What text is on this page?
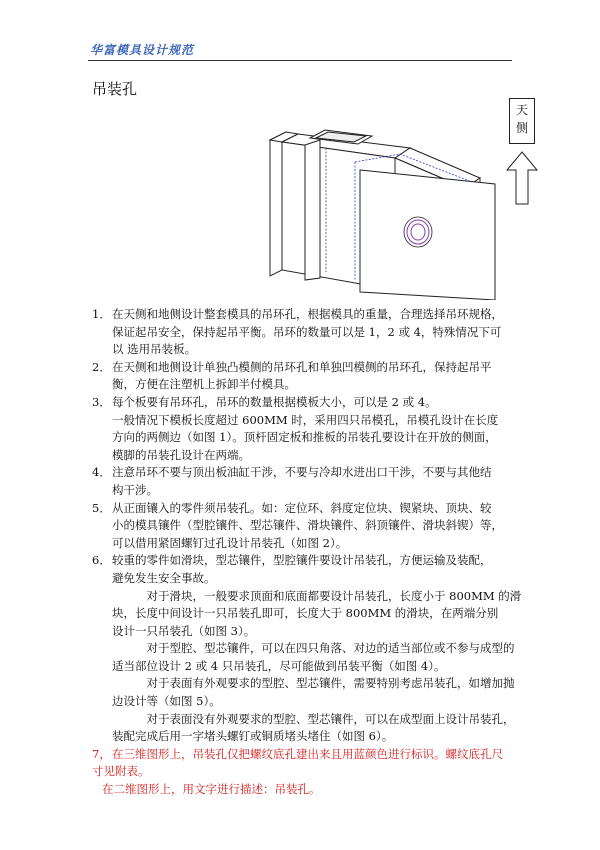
华富模具设计规范
吊装孔
天
侧
1． 在天侧和地侧设计整套模具的吊环孔，根据模具的重量，合理选择吊环规格，
保证起吊安全，保持起吊平衡。吊环的数量可以是 1，2 或 4，特殊情况下可
以 选用吊装板。
2． 在天侧和地侧设计单独凸模侧的吊环孔和单独凹模侧的吊环孔，保持起吊平
衡，方便在注塑机上拆卸半付模具。
3． 每个板要有吊环孔，吊环的数量根据模板大小，可以是 2 或 4。
一般情况下模板长度超过 600MM 时，采用四只吊模孔，吊模孔设计在长度
方向的两侧边（如图 1）。顶杆固定板和推板的吊装孔要设计在开放的侧面，
模脚的吊装孔设计在两端。
4． 注意吊环不要与顶出板油缸干涉，不要与冷却水进出口干涉，不要与其他结
构干涉。
5． 从正面镶入的零件须吊装孔。如：定位环、斜度定位块、锲紧块、顶块、较
小的模具镶件（型腔镶件、型芯镶件、滑块镶件、斜顶镶件、滑块斜锲）等，
可以借用紧固螺钉过孔设计吊装孔（如图 2）。
6． 较重的零件如滑块，型芯镶件，型腔镶件要设计吊装孔，方便运输及装配，
避免发生安全事故。
对于滑块，一般要求顶面和底面都要设计吊装孔，长度小于 800MM 的滑
块，长度中间设计一只吊装孔即可，长度大于 800MM 的滑块，在两端分别
设计一只吊装孔（如图 3）。
对于型腔、型芯镶件，可以在四只角落、对边的适当部位或不参与成型的
适当部位设计 2 或 4 只吊装孔，尽可能做到吊装平衡（如图 4）。
对于表面有外观要求的型腔、型芯镶件，需要特别考虑吊装孔，如增加抛
边设计等（如图 5）。
对于表面没有外观要求的型腔、型芯镶件，可以在成型面上设计吊装孔，
装配完成后用一字堵头螺钉或铜质堵头堵住（如图 6）。
7， 在三维图形上，吊装孔仅把螺纹底孔建出来且用蓝颜色进行标识。螺纹底孔尺
寸见附表。
在二维图形上，用文字进行描述：吊装孔。
